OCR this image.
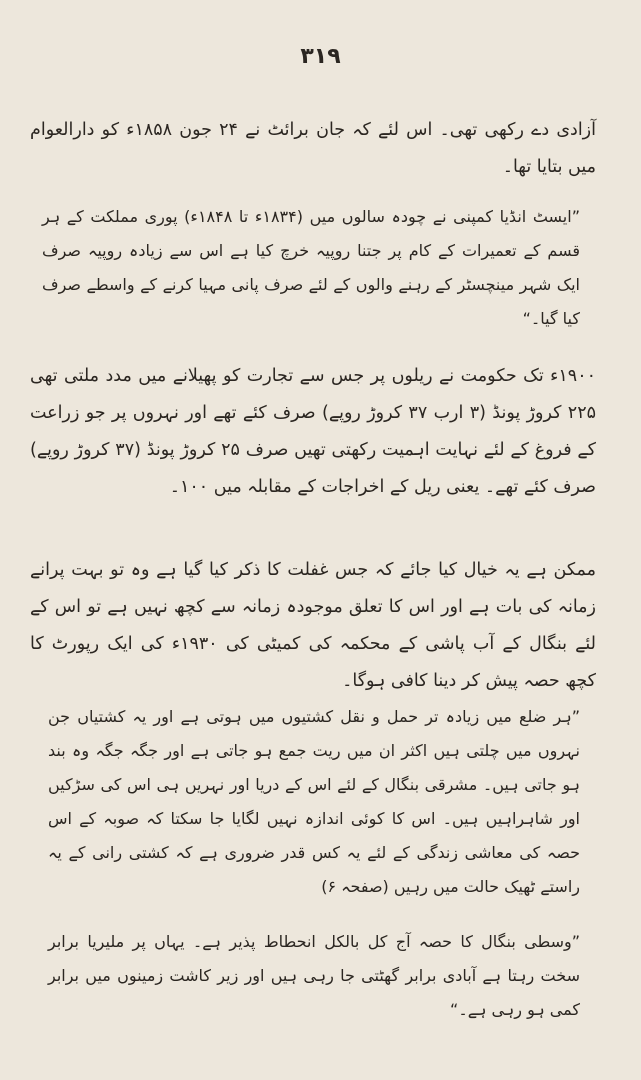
۳۱۹

آزادی دے رکھی تھی۔ اس لئے کہ جان برائٹ نے ۲۴ جون ۱۸۵۸ء کو دارالعوام میں بتایا تھا۔

”ایسٹ انڈیا کمپنی نے چودہ سالوں میں (۱۸۳۴ء تا ۱۸۴۸ء) پوری مملکت کے ہر قسم کے تعمیرات کے کام پر جتنا روپیہ خرچ کیا ہے اس سے زیادہ روپیہ صرف ایک شہر مینچسٹر کے رہنے والوں کے لئے صرف پانی مہیا کرنے کے واسطے صرف کیا گیا۔“

۱۹۰۰ء تک حکومت نے ریلوں پر جس سے تجارت کو پھیلانے میں مدد ملتی تھی ۲۲۵ کروڑ پونڈ (۳ ارب ۳۷ کروڑ روپے) صرف کئے تھے اور نہروں پر جو زراعت کے فروغ کے لئے نہایت اہمیت رکھتی تھیں صرف ۲۵ کروڑ پونڈ (۳۷ کروڑ روپے) صرف کئے تھے۔ یعنی ریل کے اخراجات کے مقابلہ میں ۱۰۰۔

ممکن ہے یہ خیال کیا جائے کہ جس غفلت کا ذکر کیا گیا ہے وہ تو بہت پرانے زمانہ کی بات ہے اور اس کا تعلق موجودہ زمانہ سے کچھ نہیں ہے تو اس کے لئے بنگال کے آب پاشی کے محکمہ کی کمیٹی کی ۱۹۳۰ء کی ایک رپورٹ کا کچھ حصہ پیش کر دینا کافی ہوگا۔

”ہر ضلع میں زیادہ تر حمل و نقل کشتیوں میں ہوتی ہے اور یہ کشتیاں جن نہروں میں چلتی ہیں اکثر ان میں ریت جمع ہو جاتی ہے اور جگہ جگہ وہ بند ہو جاتی ہیں۔ مشرقی بنگال کے لئے اس کے دریا اور نہریں ہی اس کی سڑکیں اور شاہراہیں ہیں۔ اس کا کوئی اندازہ نہیں لگایا جا سکتا کہ صوبہ کے اس حصہ کی معاشی زندگی کے لئے یہ کس قدر ضروری ہے کہ کشتی رانی کے یہ راستے ٹھیک حالت میں رہیں (صفحہ ۶)

”وسطی بنگال کا حصہ آج کل بالکل انحطاط پذیر ہے۔ یہاں پر ملیریا برابر سخت رہتا ہے آبادی برابر گھٹتی جا رہی ہیں اور زیر کاشت زمینوں میں برابر کمی ہو رہی ہے۔“
